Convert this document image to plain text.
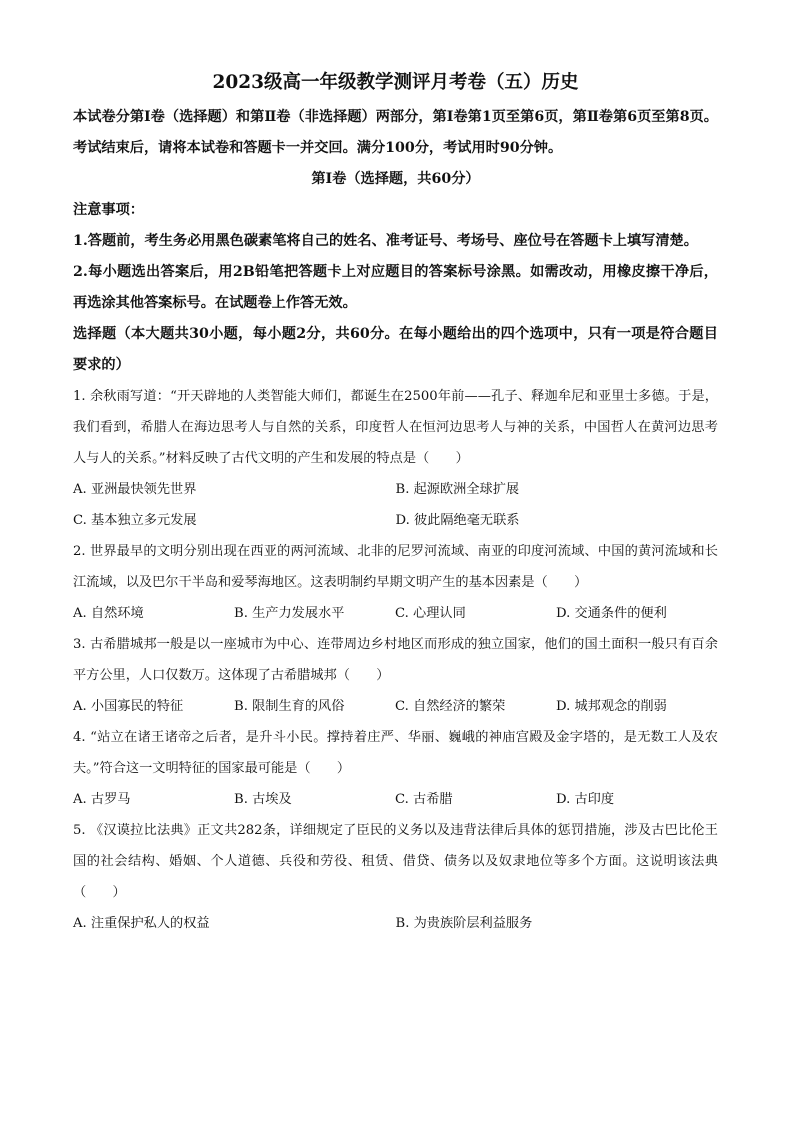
2023级高一年级教学测评月考卷（五）历史

本试卷分第Ⅰ卷（选择题）和第Ⅱ卷（非选择题）两部分，第Ⅰ卷第1页至第6页，第Ⅱ卷第6页至第8页。考试结束后，请将本试卷和答题卡一并交回。满分100分，考试用时90分钟。

第Ⅰ卷（选择题，共60分）

注意事项：

1.答题前，考生务必用黑色碳素笔将自己的姓名、准考证号、考场号、座位号在答题卡上填写清楚。

2.每小题选出答案后，用2B铅笔把答题卡上对应题目的答案标号涂黑。如需改动，用橡皮擦干净后，再选涂其他答案标号。在试题卷上作答无效。

选择题（本大题共30小题，每小题2分，共60分。在每小题给出的四个选项中，只有一项是符合题目要求的）

1. 余秋雨写道：“开天辟地的人类智能大师们，都诞生在2500年前——孔子、释迦牟尼和亚里士多德。于是，我们看到，希腊人在海边思考人与自然的关系，印度哲人在恒河边思考人与神的关系，中国哲人在黄河边思考人与人的关系。”材料反映了古代文明的产生和发展的特点是（　　）

A. 亚洲最快领先世界	B. 起源欧洲全球扩展
C. 基本独立多元发展	D. 彼此隔绝毫无联系

2. 世界最早的文明分别出现在西亚的两河流域、北非的尼罗河流域、南亚的印度河流域、中国的黄河流域和长江流域，以及巴尔干半岛和爱琴海地区。这表明制约早期文明产生的基本因素是（　　）

A. 自然环境	B. 生产力发展水平	C. 心理认同	D. 交通条件的便利

3. 古希腊城邦一般是以一座城市为中心、连带周边乡村地区而形成的独立国家，他们的国土面积一般只有百余平方公里，人口仅数万。这体现了古希腊城邦（　　）

A. 小国寡民的特征	B. 限制生育的风俗	C. 自然经济的繁荣	D. 城邦观念的削弱

4. “站立在诸王诸帝之后者，是升斗小民。撑持着庄严、华丽、巍峨的神庙宫殿及金字塔的，是无数工人及农夫。”符合这一文明特征的国家最可能是（　　）

A. 古罗马	B. 古埃及	C. 古希腊	D. 古印度

5. 《汉谟拉比法典》正文共282条，详细规定了臣民的义务以及违背法律后具体的惩罚措施，涉及古巴比伦王国的社会结构、婚姻、个人道德、兵役和劳役、租赁、借贷、债务以及奴隶地位等多个方面。这说明该法典（　　）

A. 注重保护私人的权益	B. 为贵族阶层利益服务
